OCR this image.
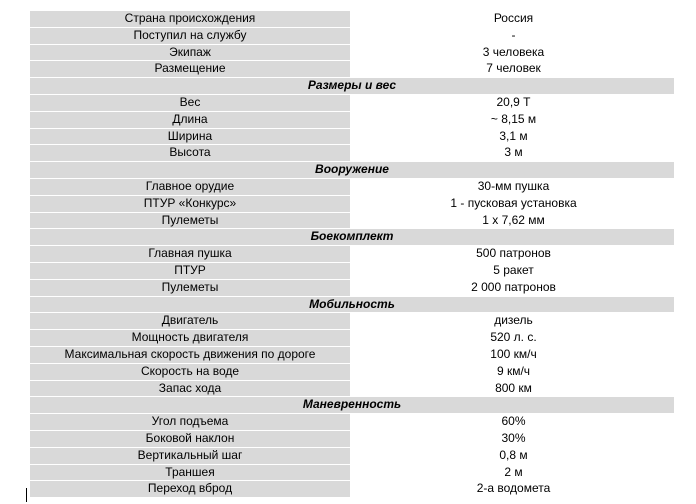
Страна происхождения	Россия
Поступил на службу	-
Экипаж	3 человека
Размещение	7 человек
Размеры и вес
Вес	20,9 Т
Длина	~ 8,15 м
Ширина	3,1 м
Высота	3 м
Вооружение
Главное орудие	30-мм пушка
ПТУР «Конкурс»	1 - пусковая установка
Пулеметы	1 x 7,62 мм
Боекомплект
Главная пушка	500 патронов
ПТУР	5 ракет
Пулеметы	2 000 патронов
Мобильность
Двигатель	дизель
Мощность двигателя	520 л. с.
Максимальная скорость движения по дороге	100 км/ч
Скорость на воде	9 км/ч
Запас хода	800 км
Маневренность
Угол подъема	60%
Боковой наклон	30%
Вертикальный шаг	0,8 м
Траншея	2 м
Переход вброд	2-а водомета
